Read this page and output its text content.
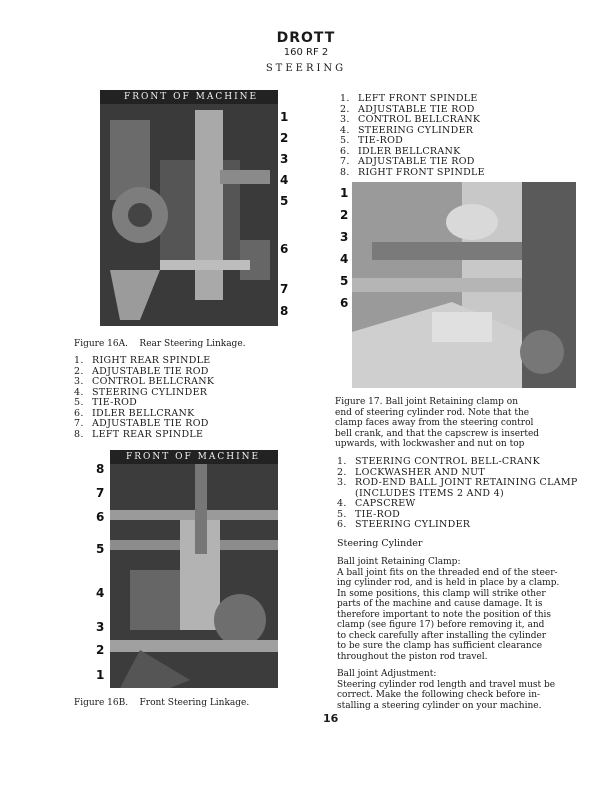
DROTT
160 RF 2
STEERING
FRONT OF MACHINE
1
2
3
4
5
6
7
8
Figure 16A.    Rear Steering Linkage.
1. RIGHT REAR SPINDLE
2. ADJUSTABLE TIE ROD
3. CONTROL BELLCRANK
4. STEERING CYLINDER
5. TIE-ROD
6. IDLER BELLCRANK
7. ADJUSTABLE TIE ROD
8. LEFT REAR SPINDLE
FRONT OF MACHINE
8
7
6
5
4
3
2
1
Figure 16B.    Front Steering Linkage.
1. LEFT FRONT SPINDLE
2. ADJUSTABLE TIE ROD
3. CONTROL BELLCRANK
4. STEERING CYLINDER
5. TIE-ROD
6. IDLER BELLCRANK
7. ADJUSTABLE TIE ROD
8. RIGHT FRONT SPINDLE
1
2
3
4
5
6
Figure 17. Ball joint Retaining clamp on
end of steering cylinder rod. Note that the
clamp faces away from the steering control
bell crank, and that the capscrew is inserted
upwards, with lockwasher and nut on top
1. STEERING CONTROL BELL-CRANK
2. LOCKWASHER AND NUT
3. ROD-END BALL JOINT RETAINING CLAMP
(INCLUDES ITEMS 2 AND 4)
4. CAPSCREW
5. TIE-ROD
6. STEERING CYLINDER
Steering Cylinder
Ball joint Retaining Clamp:
A ball joint fits on the threaded end of the steer-
ing cylinder rod, and is held in place by a clamp.
In some positions, this clamp will strike other
parts of the machine and cause damage. It is
therefore important to note the position of this
clamp (see figure 17) before removing it, and
to check carefully after installing the cylinder
to be sure the clamp has sufficient clearance
throughout the piston rod travel.
Ball joint Adjustment:
Steering cylinder rod length and travel must be
correct. Make the following check before in-
stalling a steering cylinder on your machine.
16
